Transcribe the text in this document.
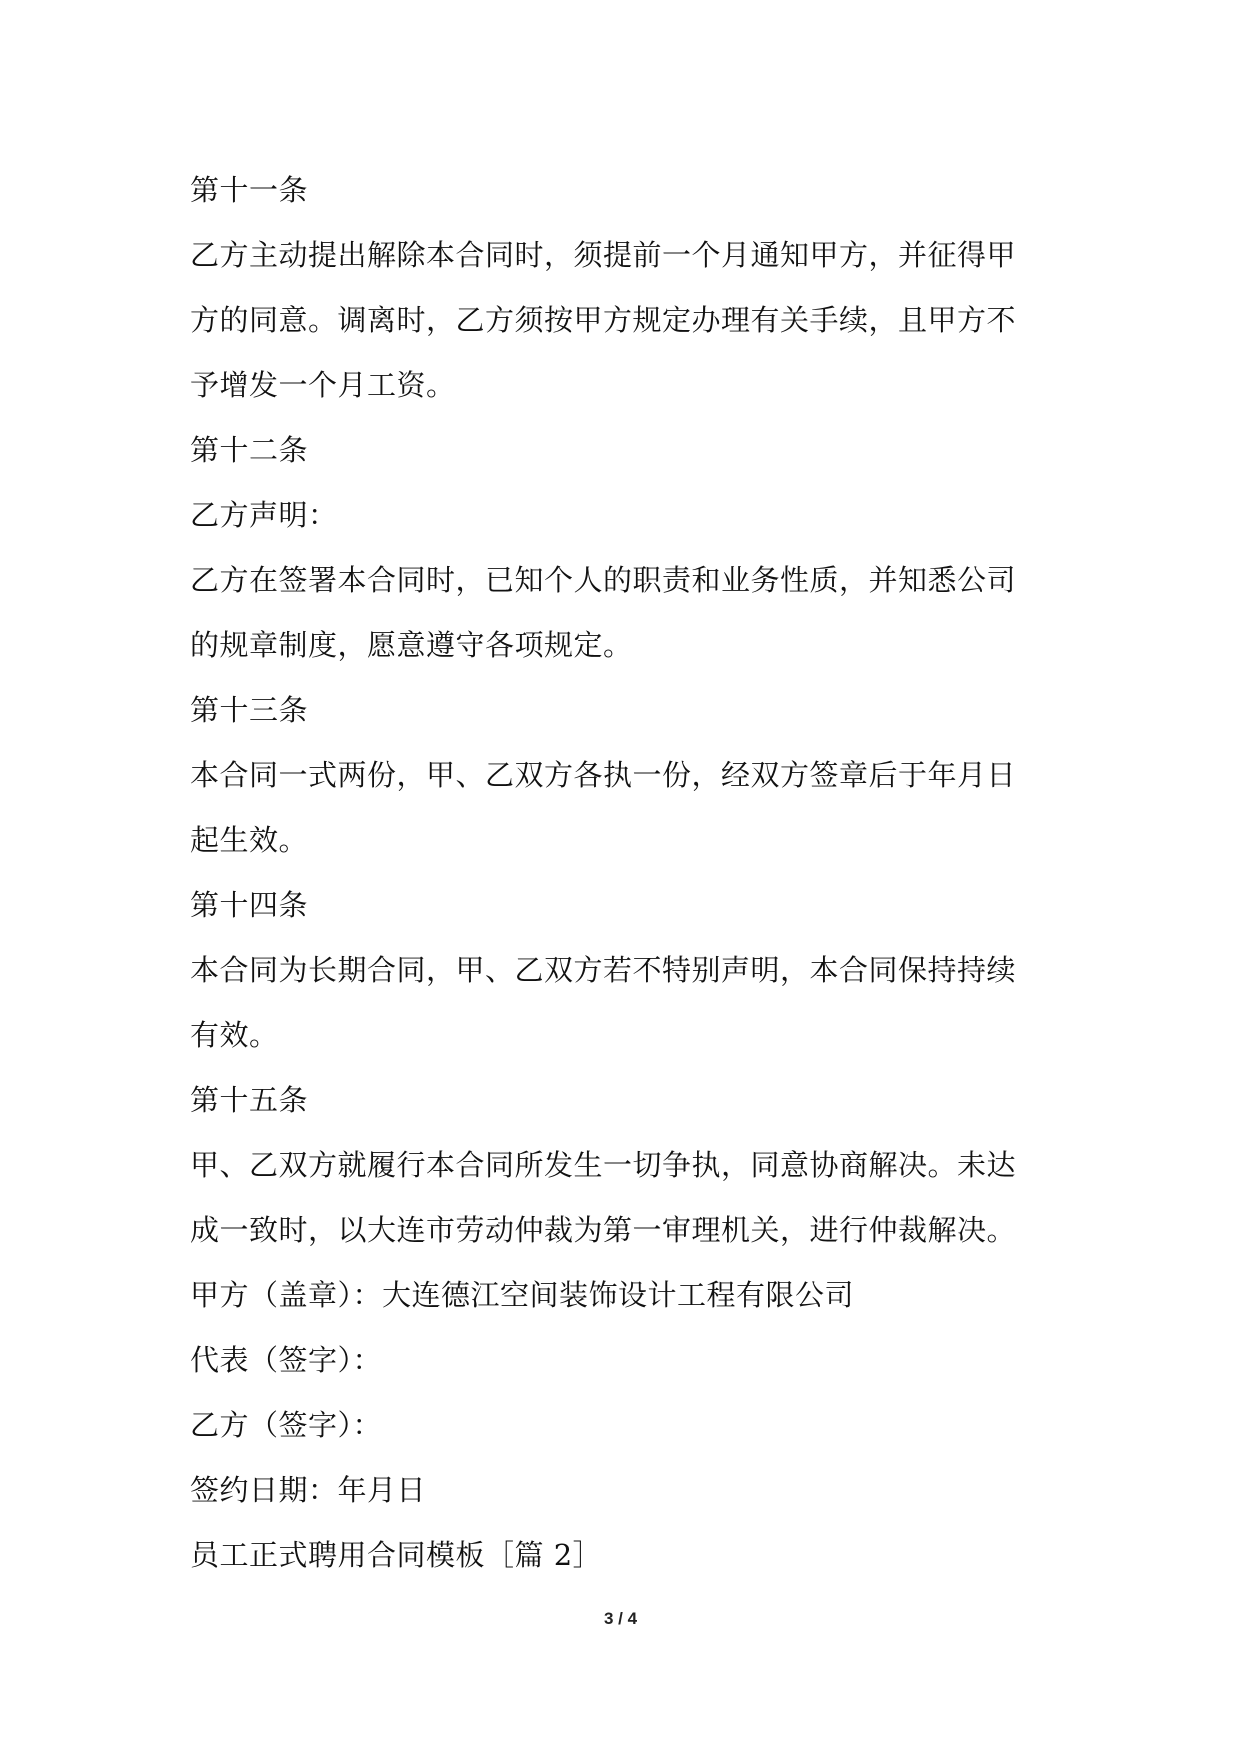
第十一条
乙方主动提出解除本合同时，须提前一个月通知甲方，并征得甲
方的同意。调离时，乙方须按甲方规定办理有关手续，且甲方不
予增发一个月工资。
第十二条
乙方声明：
乙方在签署本合同时，已知个人的职责和业务性质，并知悉公司
的规章制度，愿意遵守各项规定。
第十三条
本合同一式两份，甲、乙双方各执一份，经双方签章后于年月日
起生效。
第十四条
本合同为长期合同，甲、乙双方若不特别声明，本合同保持持续
有效。
第十五条
甲、乙双方就履行本合同所发生一切争执，同意协商解决。未达
成一致时，以大连市劳动仲裁为第一审理机关，进行仲裁解决。
甲方（盖章）：大连德江空间装饰设计工程有限公司
代表（签字）：
乙方（签字）：
签约日期：年月日
员工正式聘用合同模板［篇 2］
3 / 4
